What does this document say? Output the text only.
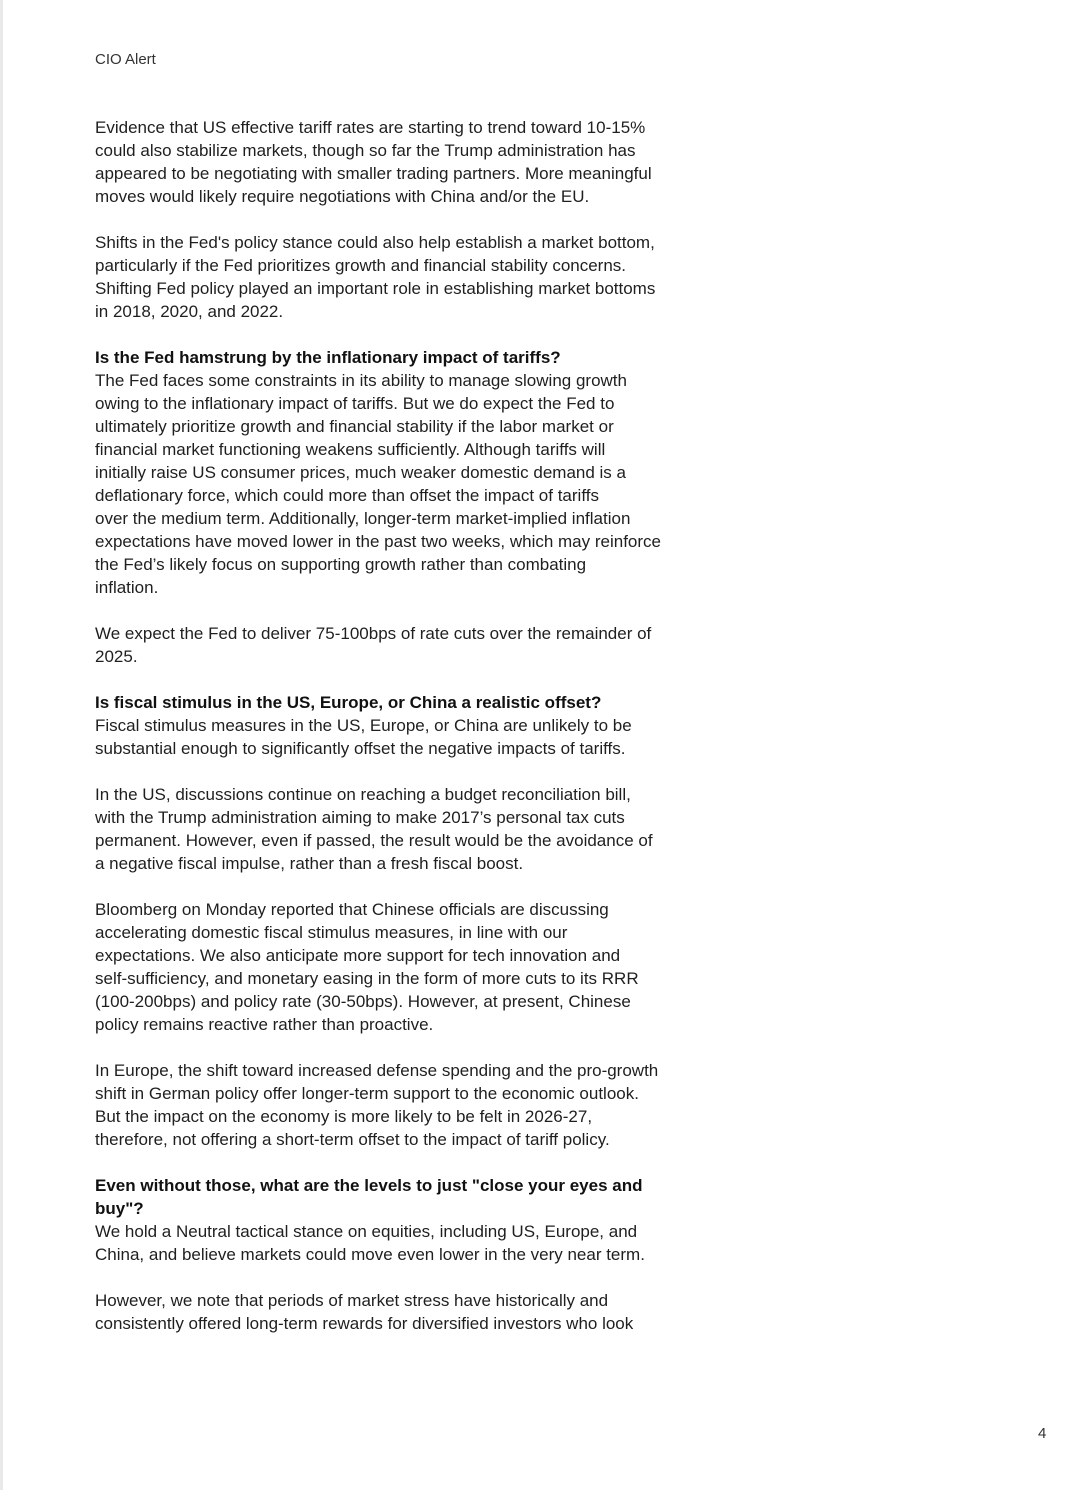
CIO Alert

Evidence that US effective tariff rates are starting to trend toward 10-15%
could also stabilize markets, though so far the Trump administration has
appeared to be negotiating with smaller trading partners. More meaningful
moves would likely require negotiations with China and/or the EU.

Shifts in the Fed's policy stance could also help establish a market bottom,
particularly if the Fed prioritizes growth and financial stability concerns.
Shifting Fed policy played an important role in establishing market bottoms
in 2018, 2020, and 2022.

Is the Fed hamstrung by the inflationary impact of tariffs?

The Fed faces some constraints in its ability to manage slowing growth
owing to the inflationary impact of tariffs. But we do expect the Fed to
ultimately prioritize growth and financial stability if the labor market or
financial market functioning weakens sufficiently. Although tariffs will
initially raise US consumer prices, much weaker domestic demand is a
deflationary force, which could more than offset the impact of tariffs
over the medium term. Additionally, longer-term market-implied inflation
expectations have moved lower in the past two weeks, which may reinforce
the Fed’s likely focus on supporting growth rather than combating
inflation.

We expect the Fed to deliver 75-100bps of rate cuts over the remainder of
2025.

Is fiscal stimulus in the US, Europe, or China a realistic offset?

Fiscal stimulus measures in the US, Europe, or China are unlikely to be
substantial enough to significantly offset the negative impacts of tariffs.

In the US, discussions continue on reaching a budget reconciliation bill,
with the Trump administration aiming to make 2017’s personal tax cuts
permanent. However, even if passed, the result would be the avoidance of
a negative fiscal impulse, rather than a fresh fiscal boost.

Bloomberg on Monday reported that Chinese officials are discussing
accelerating domestic fiscal stimulus measures, in line with our
expectations. We also anticipate more support for tech innovation and
self-sufficiency, and monetary easing in the form of more cuts to its RRR
(100-200bps) and policy rate (30-50bps). However, at present, Chinese
policy remains reactive rather than proactive.

In Europe, the shift toward increased defense spending and the pro-growth
shift in German policy offer longer-term support to the economic outlook.
But the impact on the economy is more likely to be felt in 2026-27,
therefore, not offering a short-term offset to the impact of tariff policy.

Even without those, what are the levels to just "close your eyes and
buy"?

We hold a Neutral tactical stance on equities, including US, Europe, and
China, and believe markets could move even lower in the very near term.

However, we note that periods of market stress have historically and
consistently offered long-term rewards for diversified investors who look

4
